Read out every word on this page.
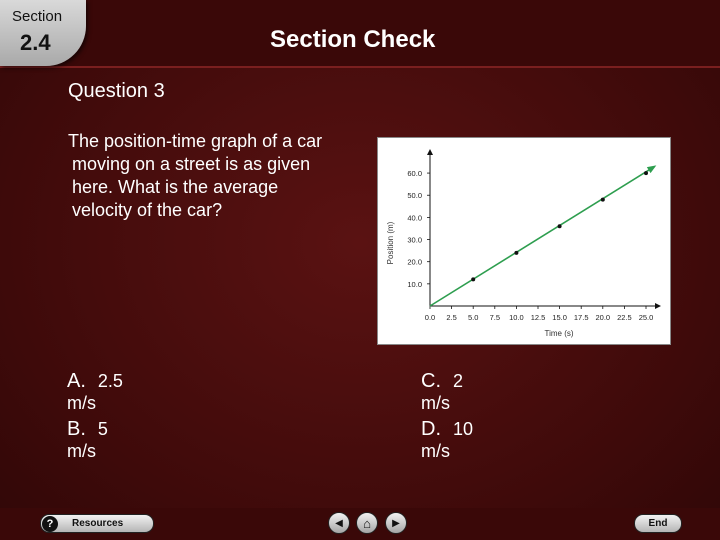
Section
2.4	Section Check
Question 3
The position-time graph of a car
moving on a street is as given
here. What is the average
velocity of the car?
Position (m)
Time (s)
0.0 2.5 5.0 7.5 10.0 12.5 15.0 17.5 20.0 22.5 25.0
10.0
20.0
30.0
40.0
50.0
60.0
A. 2.5 m/s
C. 2 m/s
B. 5 m/s
D. 10 m/s
?	Resources	◀ ⌂ ▶	End
